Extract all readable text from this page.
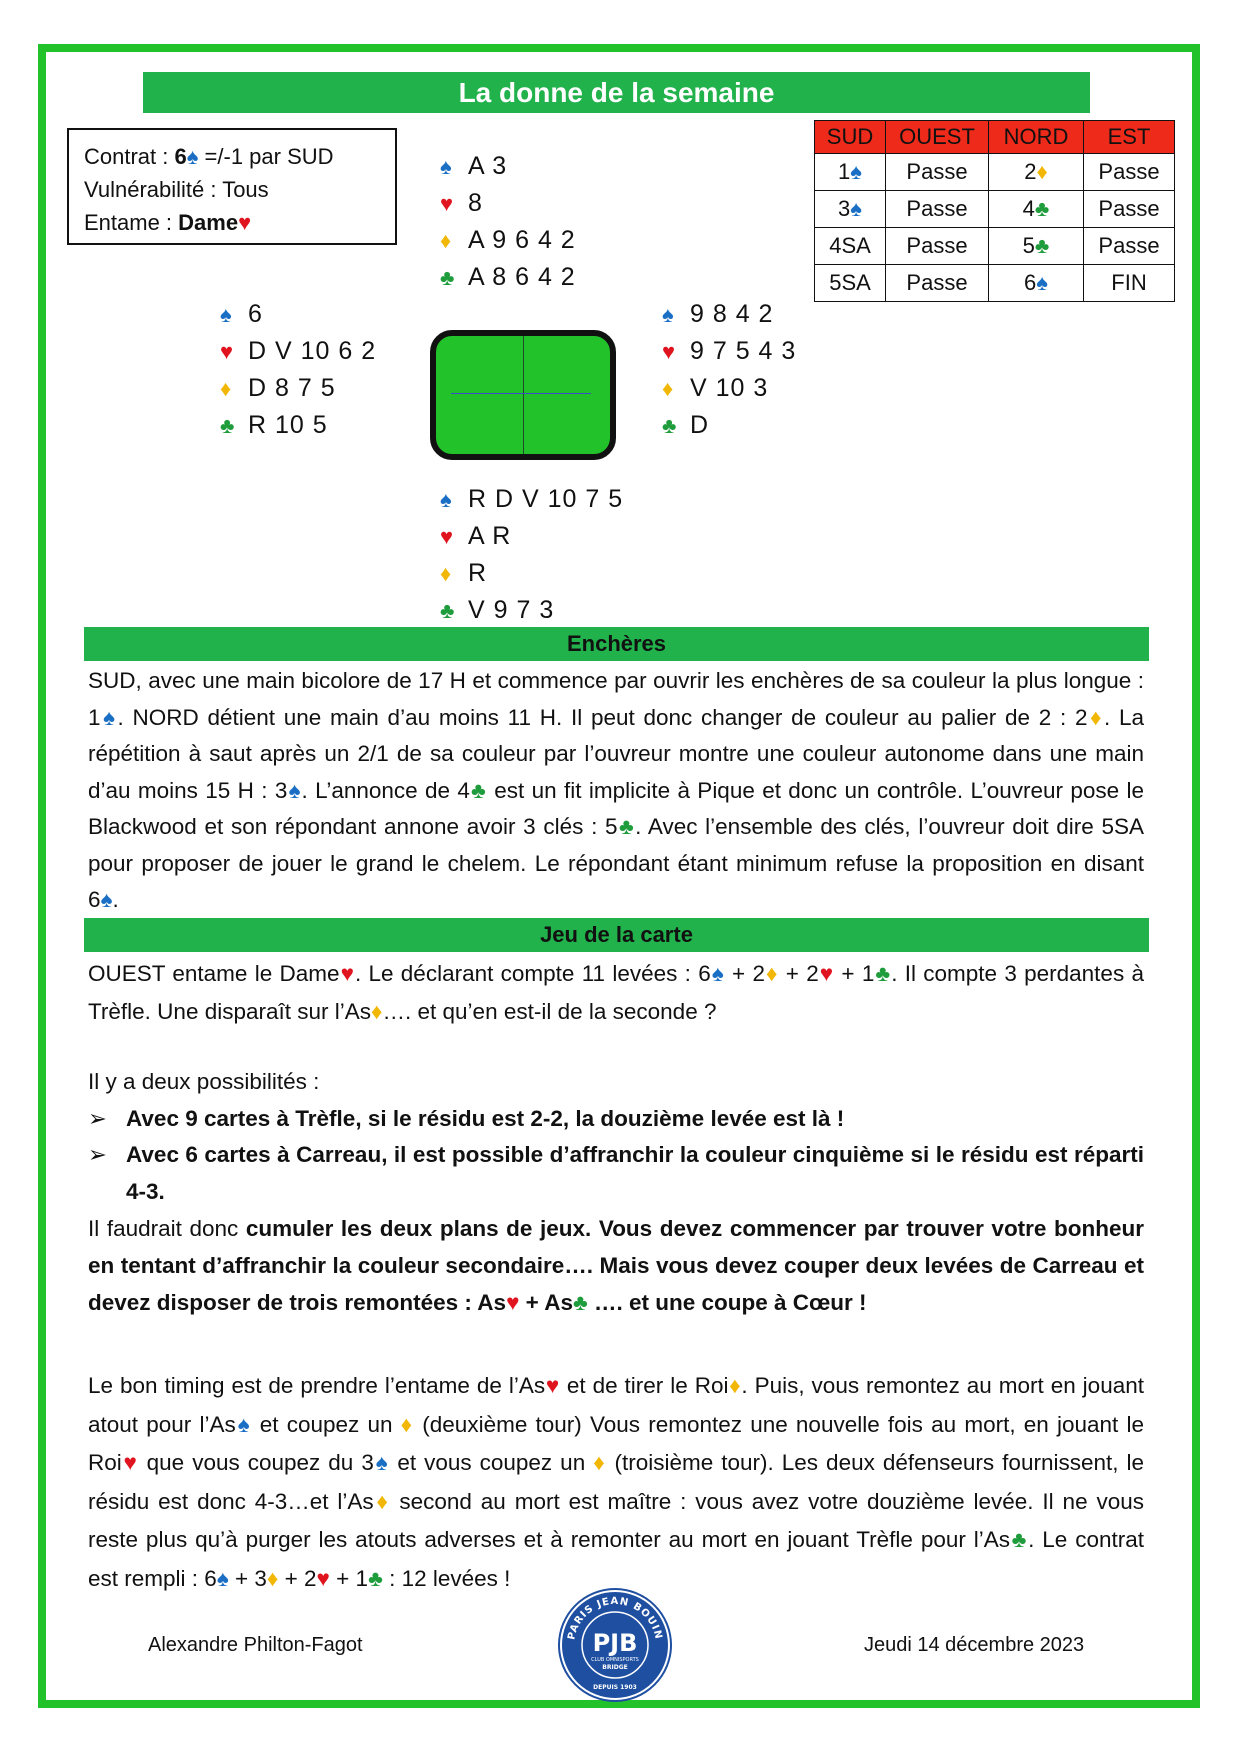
La donne de la semaine
Contrat : 6♠ =/-1 par SUD
Vulnérabilité : Tous
Entame : Dame♥
♠ A 3
♥ 8
♦ A 9 6 4 2
♣ A 8 6 4 2
♠ 6
♥ D V 10 6 2
♦ D 8 7 5
♣ R 10 5
♠ 9 8 4 2
♥ 9 7 5 4 3
♦ V 10 3
♣ D
♠ R D V 10 7 5
♥ A R
♦ R
♣ V 9 7 3
SUD	OUEST	NORD	EST
1♠	Passe	2♦	Passe
3♠	Passe	4♣	Passe
4SA	Passe	5♣	Passe
5SA	Passe	6♠	FIN
Enchères

SUD, avec une main bicolore de 17 H et commence par ouvrir les enchères de sa couleur la plus longue : 1♠. NORD détient une main d’au moins 11 H. Il peut donc changer de couleur au palier de 2 : 2♦. La répétition à saut après un 2/1 de sa couleur par l’ouvreur montre une couleur autonome dans une main d’au moins 15 H : 3♠. L’annonce de 4♣ est un fit implicite à Pique et donc un contrôle. L’ouvreur pose le Blackwood et son répondant annone avoir 3 clés : 5♣. Avec l’ensemble des clés, l’ouvreur doit dire 5SA pour proposer de jouer le grand le chelem. Le répondant étant minimum refuse la proposition en disant 6♠.

Jeu de la carte

OUEST entame le Dame♥. Le déclarant compte 11 levées : 6♠ + 2♦ + 2♥ + 1♣. Il compte 3 perdantes à Trèfle. Une disparaît sur l’As♦…. et qu’en est-il de la seconde ?

Il y a deux possibilités :

➢ Avec 9 cartes à Trèfle, si le résidu est 2-2, la douzième levée est là !
➢ Avec 6 cartes à Carreau, il est possible d’affranchir la couleur cinquième si le résidu est réparti 4-3.

Il faudrait donc cumuler les deux plans de jeux. Vous devez commencer par trouver votre bonheur en tentant d’affranchir la couleur secondaire…. Mais vous devez couper deux levées de Carreau et devez disposer de trois remontées : As♥ + As♣ …. et une coupe à Cœur !

Le bon timing est de prendre l’entame de l’As♥ et de tirer le Roi♦. Puis, vous remontez au mort en jouant atout pour l’As♠ et coupez un ♦ (deuxième tour) Vous remontez une nouvelle fois au mort, en jouant le Roi♥ que vous coupez du 3♠ et vous coupez un ♦ (troisième tour). Les deux défenseurs fournissent, le résidu est donc 4-3…et l’As♦ second au mort est maître : vous avez votre douzième levée. Il ne vous reste plus qu’à purger les atouts adverses et à remonter au mort en jouant Trèfle pour l’As♣. Le contrat est rempli : 6♠ + 3♦ + 2♥ + 1♣ : 12 levées !

Alexandre Philton-Fagot	Jeudi 14 décembre 2023
PARIS JEAN BOUIN
PJB
CLUB OMNISPORTS
BRIDGE
DEPUIS 1903
